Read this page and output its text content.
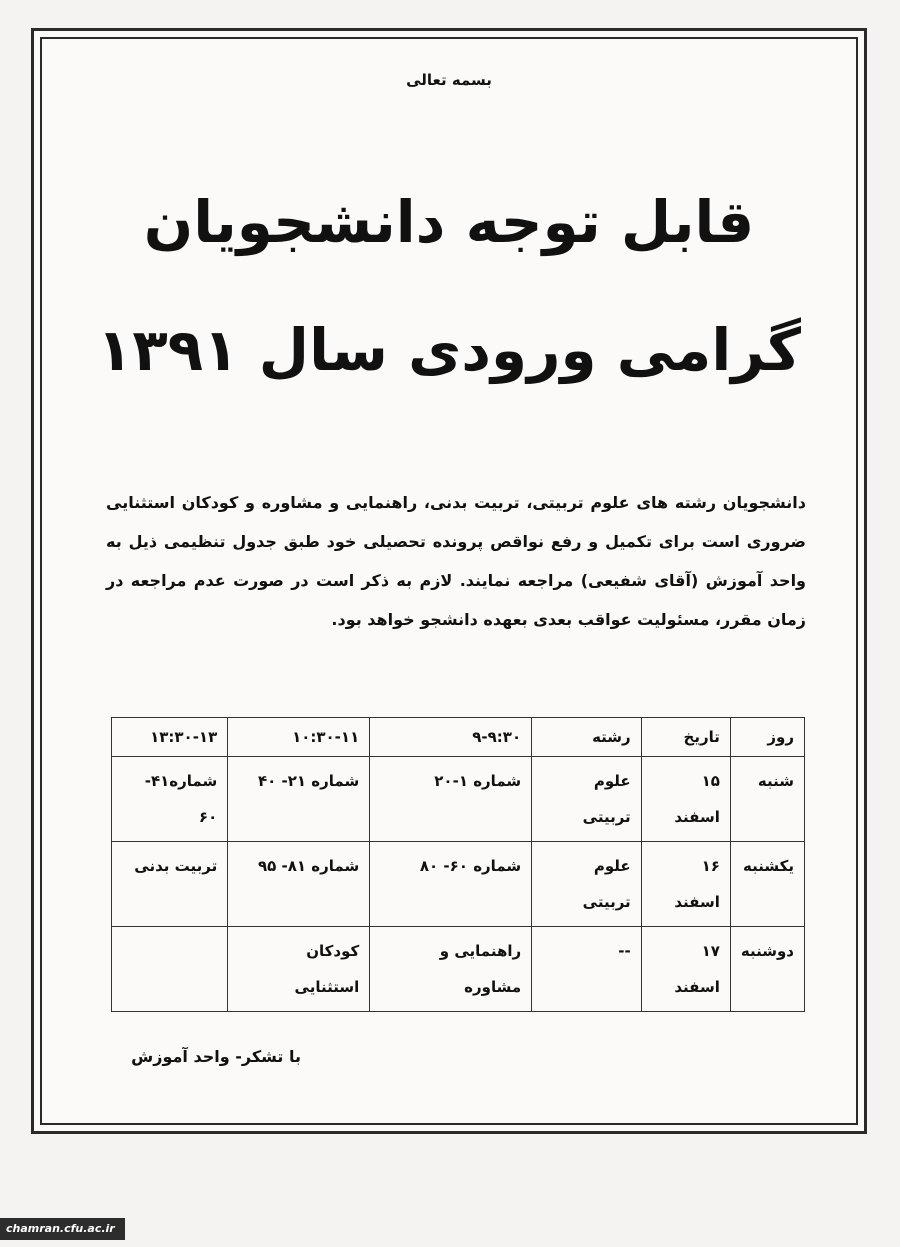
بسمه تعالی
قابل توجه دانشجویان
گرامی ورودی سال ۱۳۹۱
دانشجویان رشته های علوم تربیتی، تربیت بدنی، راهنمایی و مشاوره و کودکان استثنایی ضروری است برای تکمیل و رفع نواقص پرونده تحصیلی خود طبق جدول تنظیمی ذیل به واحد آموزش (آقای شفیعی) مراجعه نمایند. لازم به ذکر است در صورت عدم مراجعه در زمان مقرر، مسئولیت عواقب بعدی بعهده دانشجو خواهد بود.
روز	تاریخ	رشته	۹-۹:۳۰	۱۰:۳۰-۱۱	۱۳:۳۰-۱۳
شنبه	۱۵ اسفند	علوم تربیتی	شماره ۱-۲۰	شماره ۲۱- ۴۰	شماره۴۱- ۶۰
یکشنبه	۱۶ اسفند	علوم تربیتی	شماره ۶۰- ۸۰	شماره ۸۱- ۹۵	تربیت بدنی
دوشنبه	۱۷ اسفند	--	راهنمایی و مشاوره	کودکان استثنایی	
با تشکر- واحد آموزش
chamran.cfu.ac.ir
